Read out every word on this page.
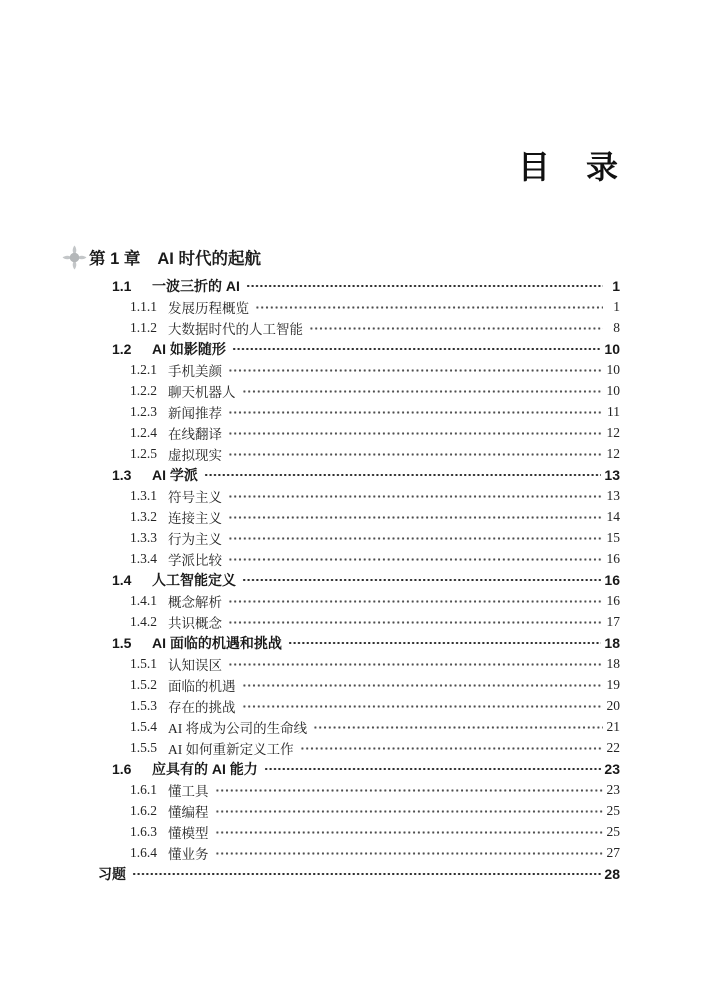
目　录
第 1 章 AI 时代的起航
1.1	一波三折的 AI	1
1.1.1 发展历程概览	1
1.1.2 大数据时代的人工智能	8
1.2	AI 如影随形	10
1.2.1 手机美颜	10
1.2.2 聊天机器人	10
1.2.3 新闻推荐	11
1.2.4 在线翻译	12
1.2.5 虚拟现实	12
1.3	AI 学派	13
1.3.1 符号主义	13
1.3.2 连接主义	14
1.3.3 行为主义	15
1.3.4 学派比较	16
1.4	人工智能定义	16
1.4.1 概念解析	16
1.4.2 共识概念	17
1.5	AI 面临的机遇和挑战	18
1.5.1 认知误区	18
1.5.2 面临的机遇	19
1.5.3 存在的挑战	20
1.5.4 AI 将成为公司的生命线	21
1.5.5 AI 如何重新定义工作	22
1.6	应具有的 AI 能力	23
1.6.1 懂工具	23
1.6.2 懂编程	25
1.6.3 懂模型	25
1.6.4 懂业务	27
习题	28
